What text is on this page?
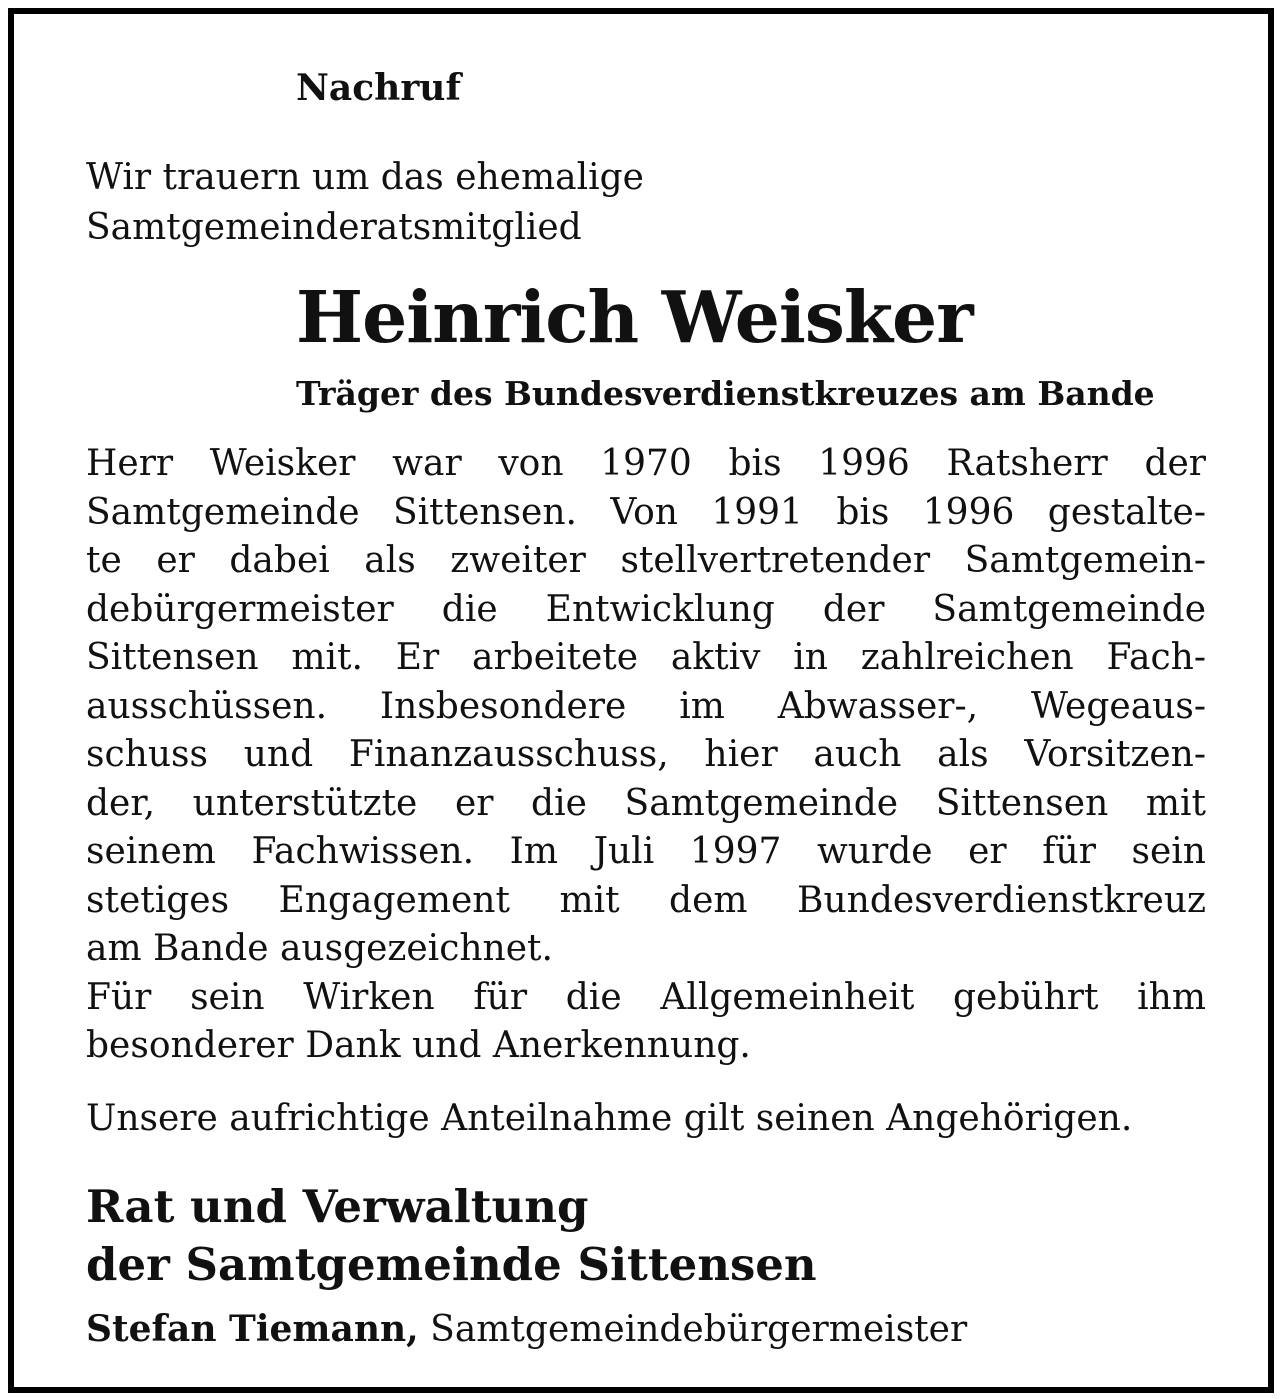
Nachruf
Wir trauern um das ehemalige
Samtgemeinderatsmitglied
Heinrich Weisker
Träger des Bundesverdienstkreuzes am Bande
Herr Weisker war von 1970 bis 1996 Ratsherr der
Samtgemeinde Sittensen. Von 1991 bis 1996 gestalte-
te er dabei als zweiter stellvertretender Samtgemein-
debürgermeister die Entwicklung der Samtgemeinde
Sittensen mit. Er arbeitete aktiv in zahlreichen Fach-
ausschüssen. Insbesondere im Abwasser-, Wegeaus-
schuss und Finanzausschuss, hier auch als Vorsitzen-
der, unterstützte er die Samtgemeinde Sittensen mit
seinem Fachwissen. Im Juli 1997 wurde er für sein
stetiges Engagement mit dem Bundesverdienstkreuz
am Bande ausgezeichnet.
Für sein Wirken für die Allgemeinheit gebührt ihm
besonderer Dank und Anerkennung.
Unsere aufrichtige Anteilnahme gilt seinen Angehörigen.
Rat und Verwaltung
der Samtgemeinde Sittensen
Stefan Tiemann, Samtgemeindebürgermeister
